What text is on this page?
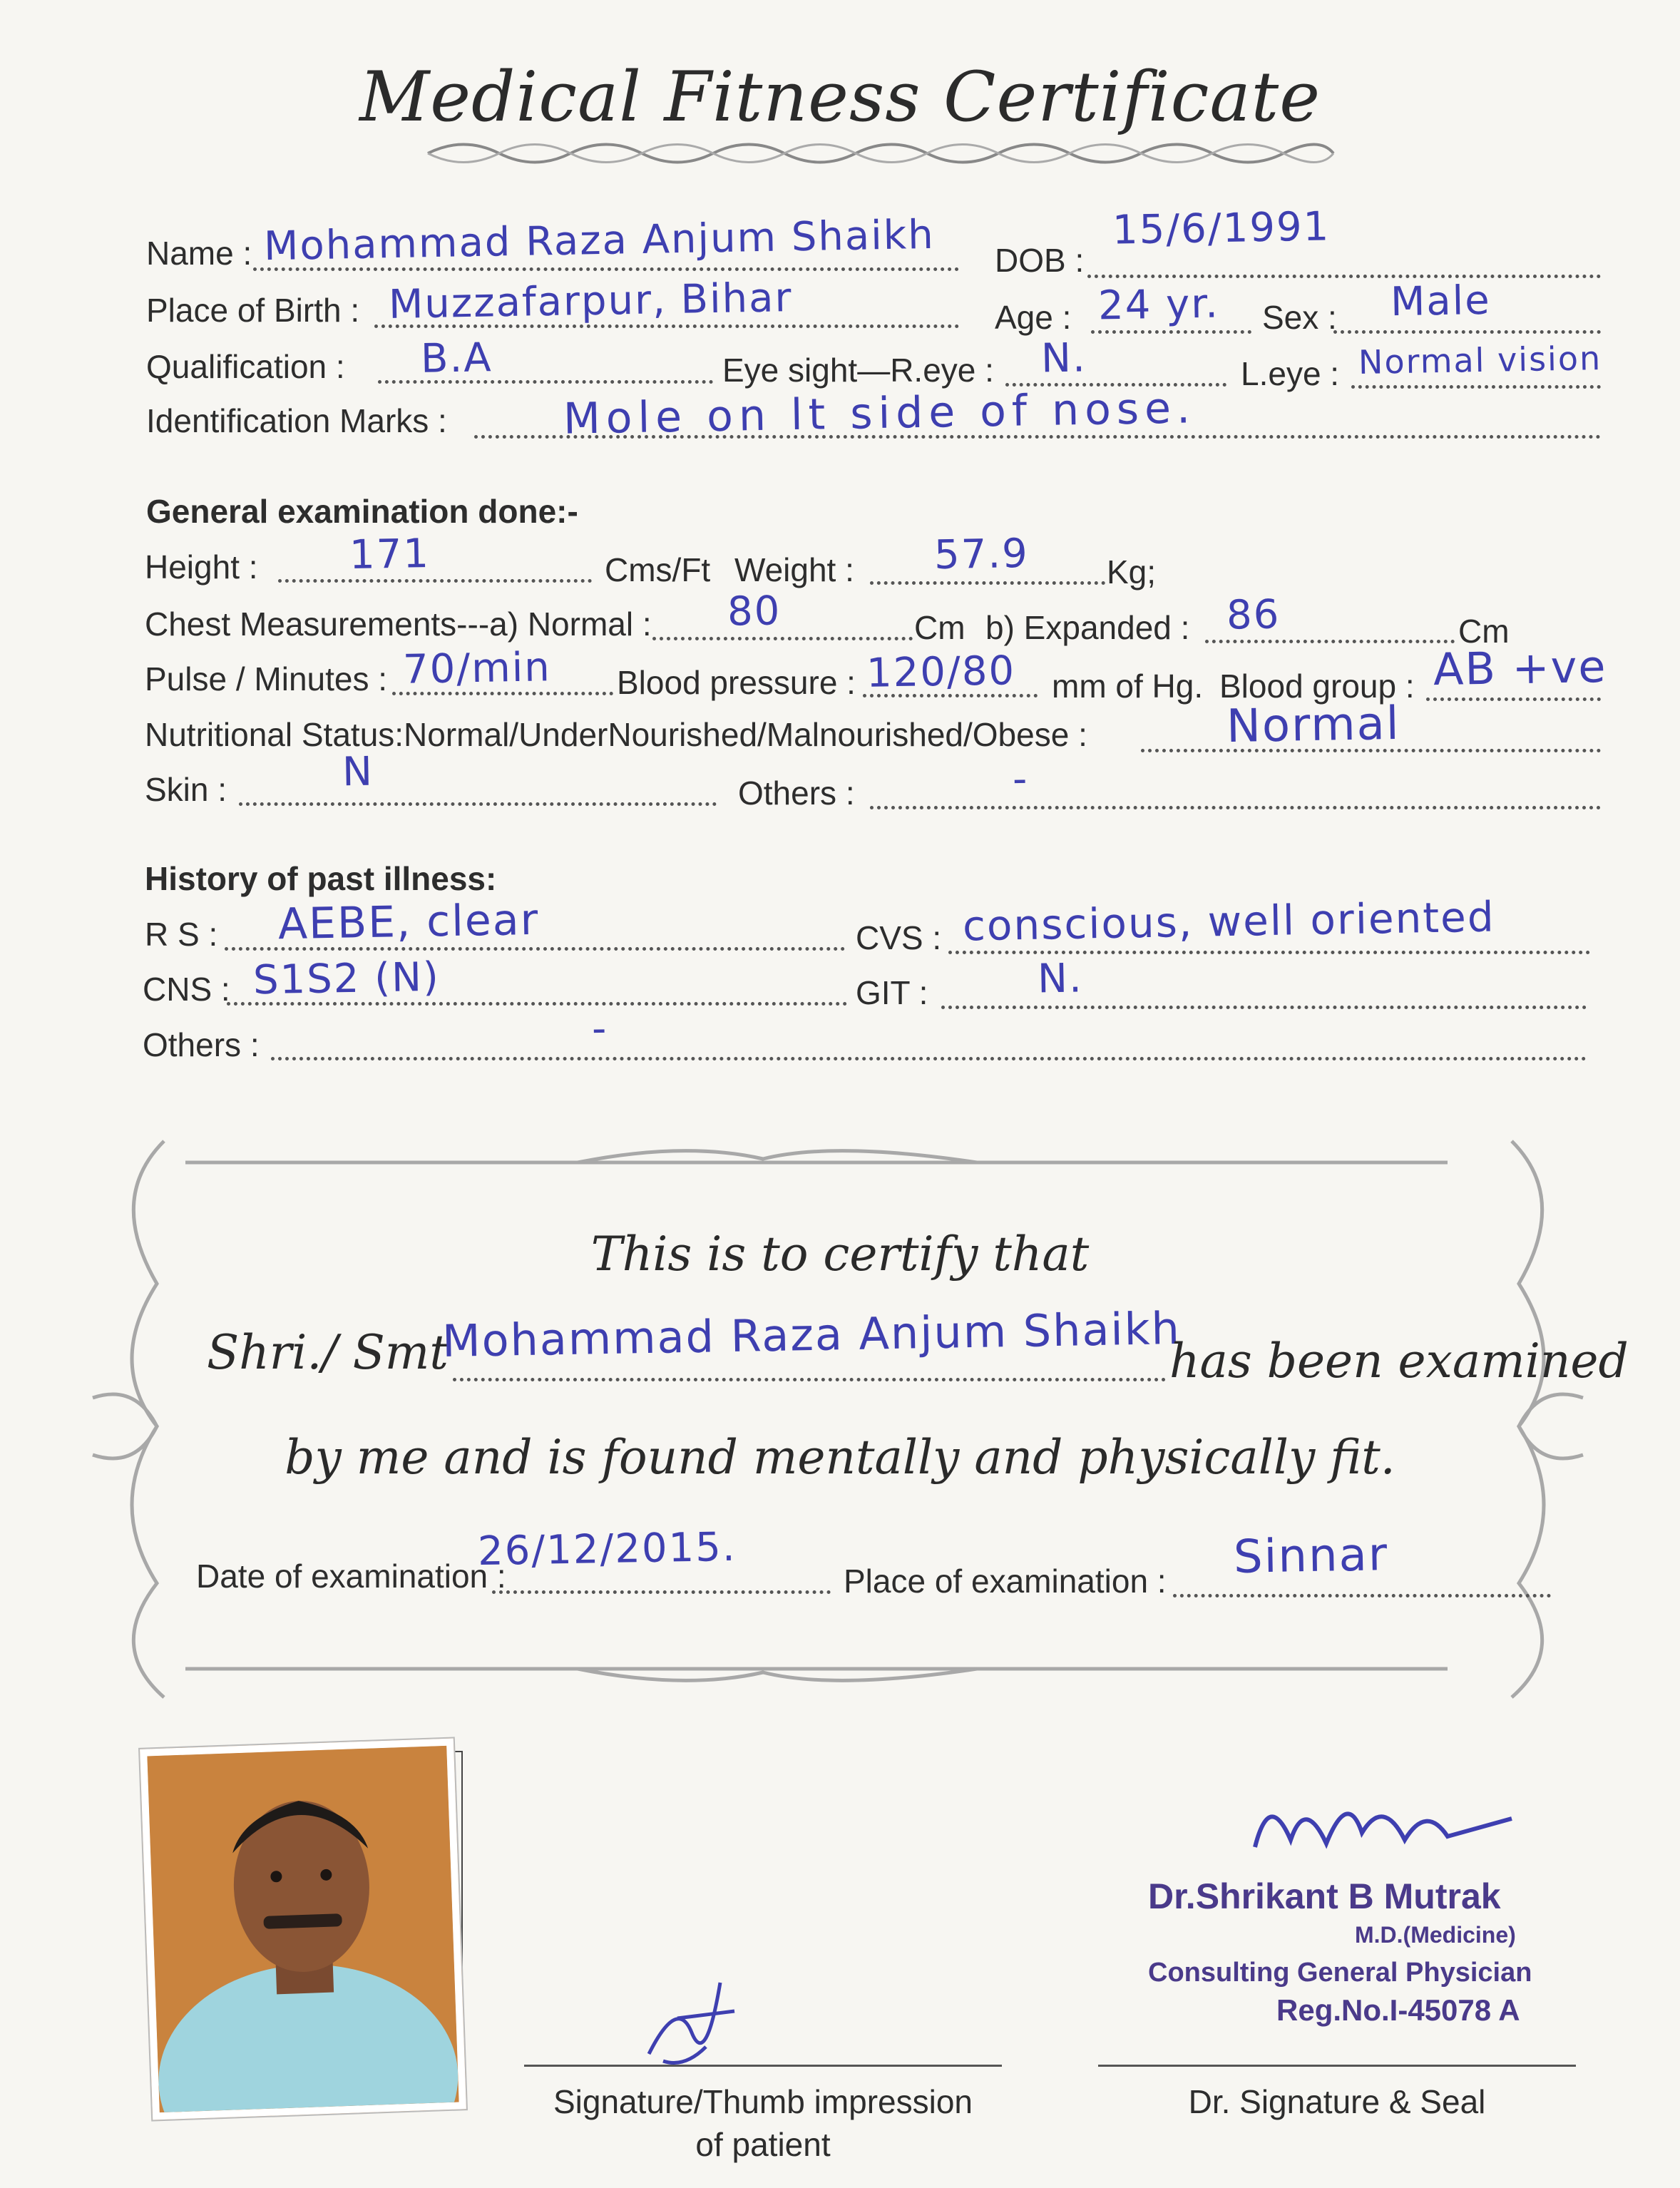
Medical Fitness Certificate
Name : Mohammad Raza Anjum Shaikh DOB :
15/6/1991
Place of Birth : Muzzafarpur, Bihar	Age : 24 yr. Sex : Male
Qualification : B.A	Eye sight—R.eye : N.	L.eye : Normal vision
Identification Marks :	Mole on lt side of nose.
General examination done:-
Height : 171	Cms/Ft Weight : 57.9 Kg;
Chest Measurements---a) Normal : 80	Cm b) Expanded : 86	Cm
Pulse / Minutes : 70/min Blood pressure : 120/80 mm of Hg. Blood group : AB +ve
Nutritional Status:Normal/UnderNourished/Malnourished/Obese :	Normal
Skin :	N	Others :	-
History of past illness:
R S : AEBE, clear	CVS : conscious, well oriented
CNS : S1S2 (N)	GIT :	N.
Others :	-
This is to certify that
Shri./ Smt
Mohammad Raza Anjum Shaikh
has been examined
by me and is found mentally and physically fit.
Date of examination :
26/12/2015.
Place of examination : Sinnar
Signature/Thumb impression
of patient
Dr.Shrikant B Mutrak
M.D.(Medicine)
Consulting General Physician
Reg.No.I-45078 A
Dr. Signature & Seal
